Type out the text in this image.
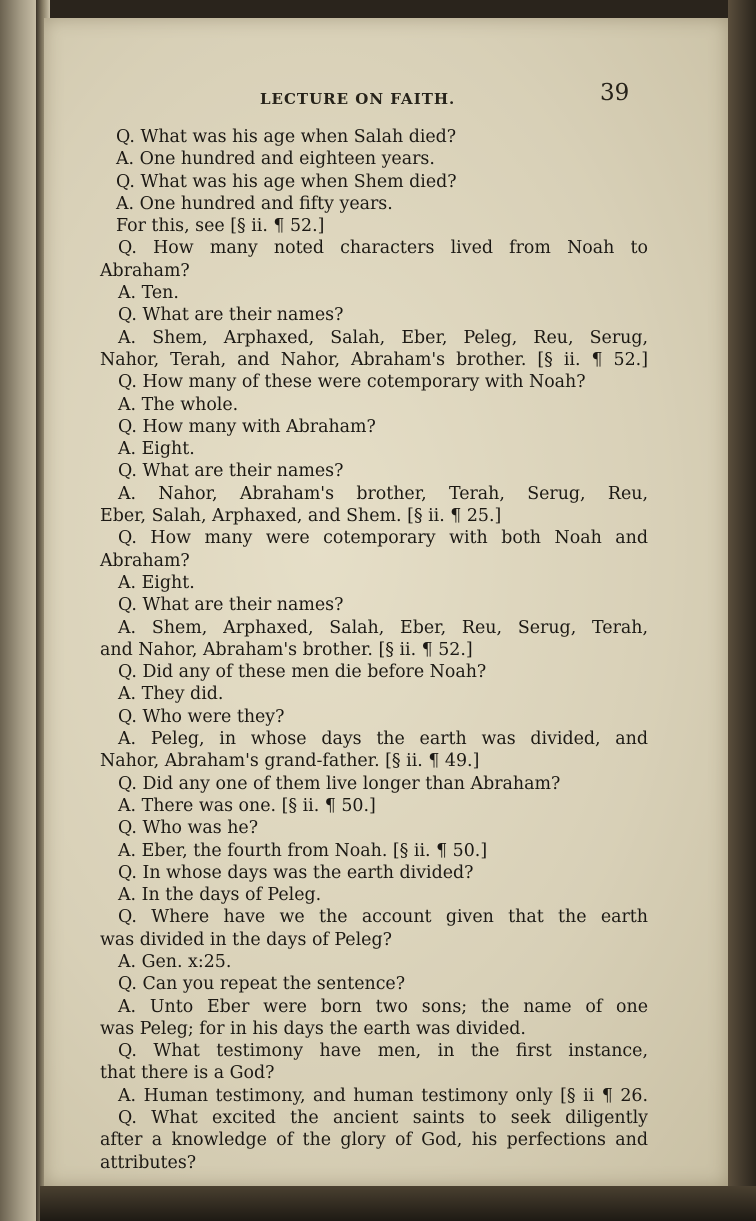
LECTURE ON FAITH.	39
Q. What was his age when Salah died?
A. One hundred and eighteen years.
Q. What was his age when Shem died?
A. One hundred and fifty years.
For this, see [§ ii. ¶ 52.]
Q. How many noted characters lived from Noah to
Abraham?
A. Ten.
Q. What are their names?
A. Shem, Arphaxed, Salah, Eber, Peleg, Reu, Serug,
Nahor, Terah, and Nahor, Abraham's brother. [§ ii. ¶ 52.]
Q. How many of these were cotemporary with Noah?
A. The whole.
Q. How many with Abraham?
A. Eight.
Q. What are their names?
A. Nahor, Abraham's brother, Terah, Serug, Reu,
Eber, Salah, Arphaxed, and Shem. [§ ii. ¶ 25.]
Q. How many were cotemporary with both Noah and
Abraham?
A. Eight.
Q. What are their names?
A. Shem, Arphaxed, Salah, Eber, Reu, Serug, Terah,
and Nahor, Abraham's brother. [§ ii. ¶ 52.]
Q. Did any of these men die before Noah?
A. They did.
Q. Who were they?
A. Peleg, in whose days the earth was divided, and
Nahor, Abraham's grand-father. [§ ii. ¶ 49.]
Q. Did any one of them live longer than Abraham?
A. There was one. [§ ii. ¶ 50.]
Q. Who was he?
A. Eber, the fourth from Noah. [§ ii. ¶ 50.]
Q. In whose days was the earth divided?
A. In the days of Peleg.
Q. Where have we the account given that the earth
was divided in the days of Peleg?
A. Gen. x:25.
Q. Can you repeat the sentence?
A. Unto Eber were born two sons; the name of one
was Peleg; for in his days the earth was divided.
Q. What testimony have men, in the first instance,
that there is a God?
A. Human testimony, and human testimony only [§ ii ¶ 26.
Q. What excited the ancient saints to seek diligently
after a knowledge of the glory of God, his perfections and
attributes?
